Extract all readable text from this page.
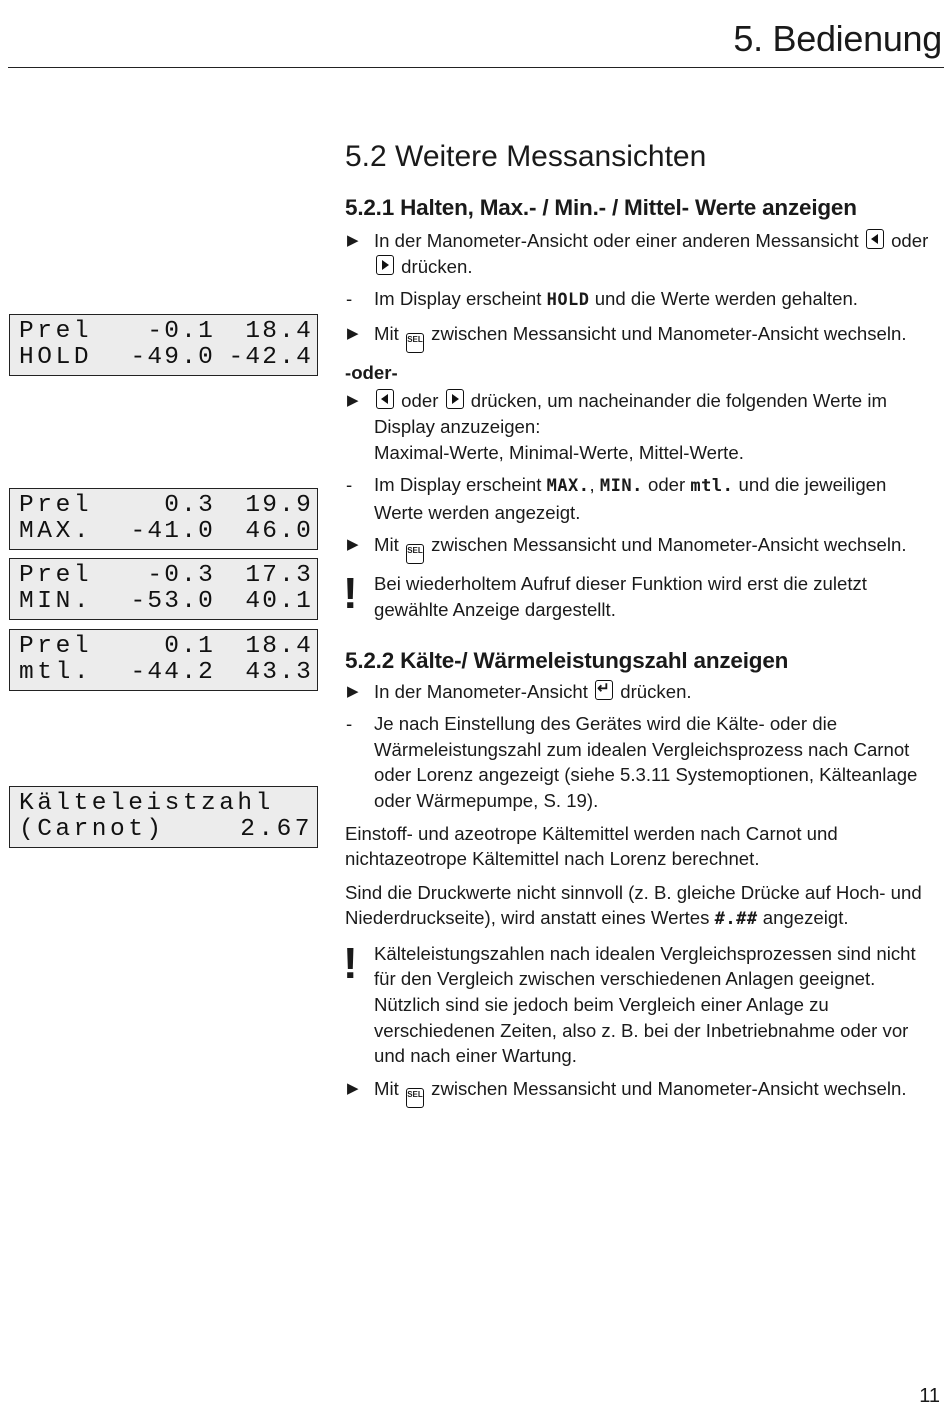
5. Bedienung
Prel	-0.1	18.4
HOLD	-49.0 -42.4
Prel	0.3	19.9
MAX.	-41.0	46.0
Prel	-0.3	17.3
MIN.	-53.0	40.1
Prel	0.1	18.4
mtl.	-44.2	43.3
Kälteleistzahl
(Carnot)	2.67
5.2 Weitere Messansichten
5.2.1 Halten, Max.- / Min.- / Mittel- Werte anzeigen
▶ In der Manometer-Ansicht oder einer anderen Messansicht oder  drücken.
- Im Display erscheint HOLD und die Werte werden gehalten.
▶ Mit SEL zwischen Messansicht und Manometer-Ansicht wechseln.
-oder-
▶ oder drücken, um nacheinander die folgenden Werte im Display anzuzeigen:
Maximal-Werte, Minimal-Werte, Mittel-Werte.
- Im Display erscheint MAX., MIN. oder mtl. und die jeweiligen Werte werden angezeigt.
▶ Mit SEL zwischen Messansicht und Manometer-Ansicht wechseln.
! Bei wiederholtem Aufruf dieser Funktion wird erst die zuletzt gewählte Anzeige dargestellt.
5.2.2 Kälte-/ Wärmeleistungszahl anzeigen
▶ In der Manometer-Ansicht ↵ drücken.
- Je nach Einstellung des Gerätes wird die Kälte- oder die Wärmeleistungszahl zum idealen Vergleichsprozess nach Carnot oder Lorenz angezeigt (siehe 5.3.11 Systemoptionen, Kälteanlage oder Wärmepumpe, S. 19).
Einstoff- und azeotrope Kältemittel werden nach Carnot und nichtazeotrope Kältemittel nach Lorenz berechnet.
Sind die Druckwerte nicht sinnvoll (z. B. gleiche Drücke auf Hoch- und Niederdruckseite), wird anstatt eines Wertes #.## angezeigt.
! Kälteleistungszahlen nach idealen Vergleichsprozessen sind nicht für den Vergleich zwischen verschiedenen Anlagen geeignet. Nützlich sind sie jedoch beim Vergleich einer Anlage zu verschiedenen Zeiten, also z. B. bei der Inbetriebnahme oder vor und nach einer Wartung.
▶ Mit SEL zwischen Messansicht und Manometer-Ansicht wechseln.
11
